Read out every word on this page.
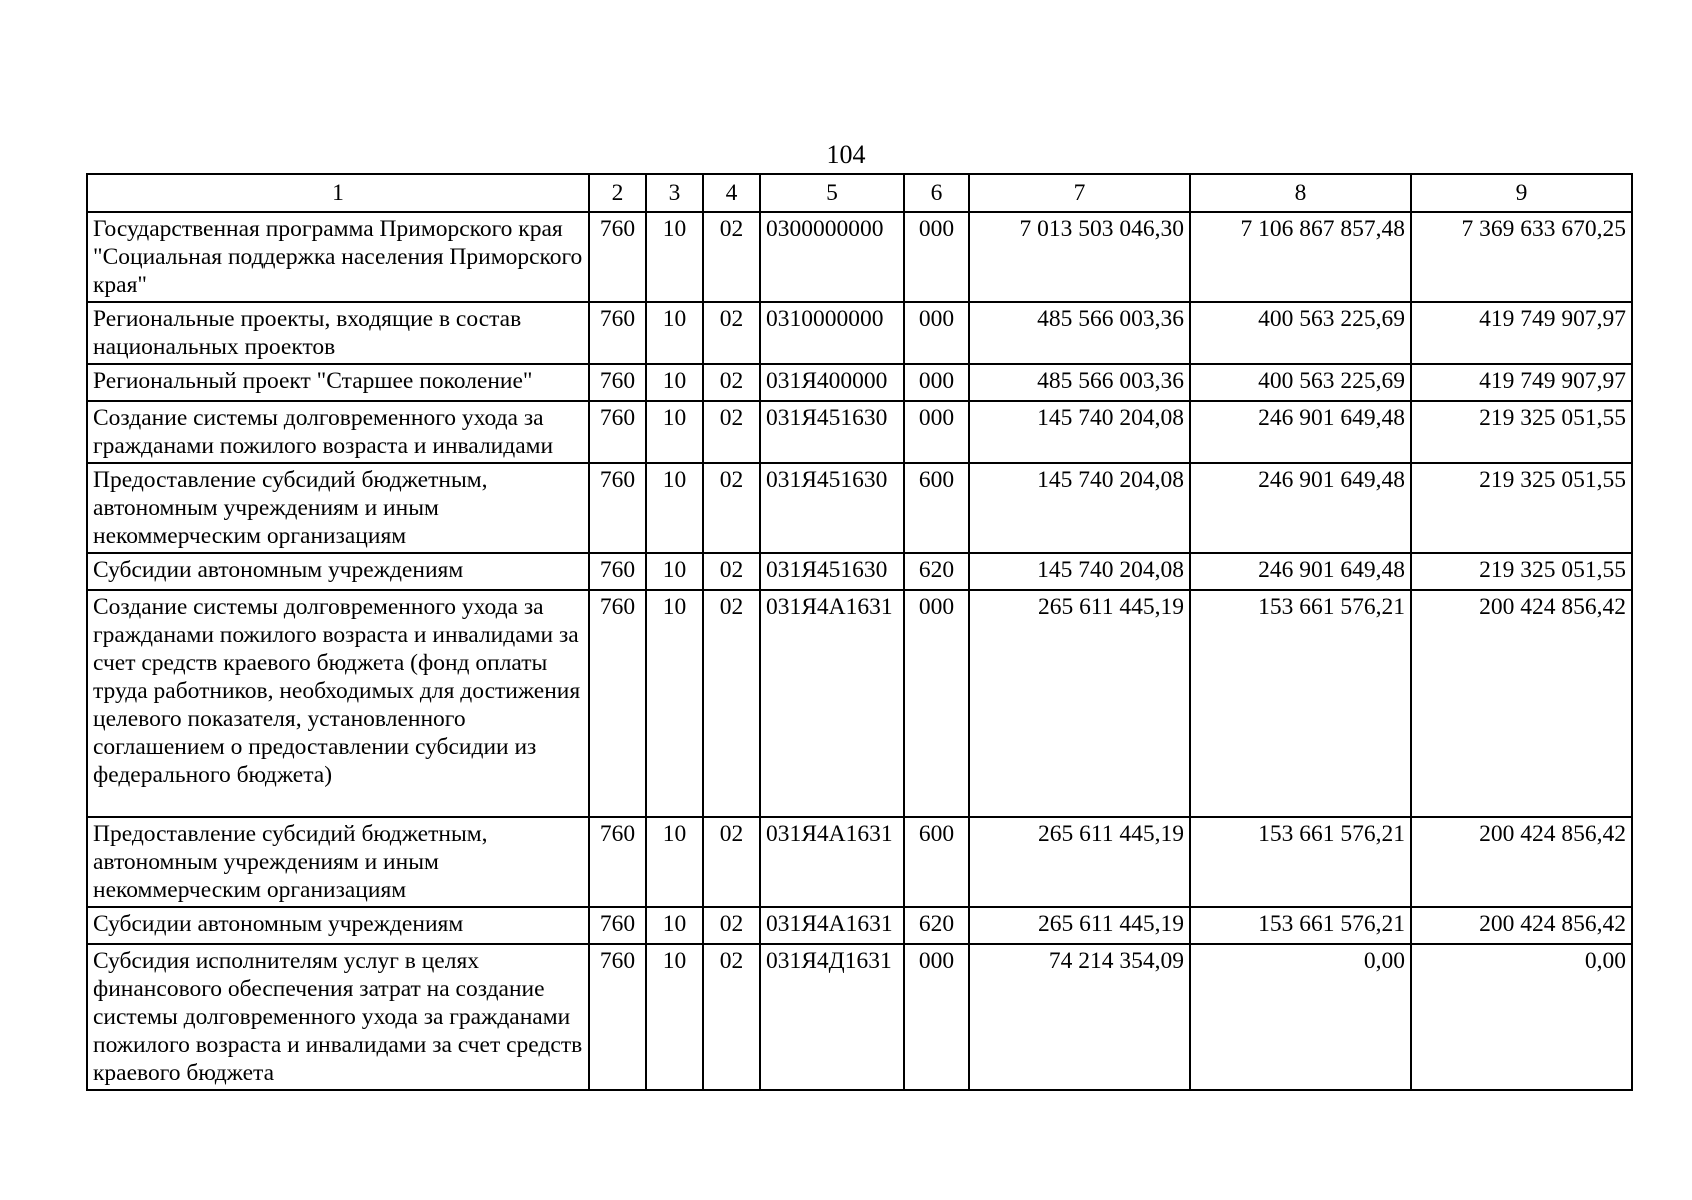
104
1	2	3	4	5	6	7	8	9
Государственная программа Приморского края "Социальная поддержка населения Приморского края"	760	10	02	0300000000	000	7 013 503 046,30	7 106 867 857,48	7 369 633 670,25
Региональные проекты, входящие в состав национальных проектов	760	10	02	0310000000	000	485 566 003,36	400 563 225,69	419 749 907,97
Региональный проект "Старшее поколение"	760	10	02	031Я400000	000	485 566 003,36	400 563 225,69	419 749 907,97
Создание системы долговременного ухода за гражданами пожилого возраста и инвалидами	760	10	02	031Я451630	000	145 740 204,08	246 901 649,48	219 325 051,55
Предоставление субсидий бюджетным, автономным учреждениям и иным некоммерческим организациям	760	10	02	031Я451630	600	145 740 204,08	246 901 649,48	219 325 051,55
Субсидии автономным учреждениям	760	10	02	031Я451630	620	145 740 204,08	246 901 649,48	219 325 051,55
Создание системы долговременного ухода за гражданами пожилого возраста и инвалидами за счет средств краевого бюджета (фонд оплаты труда работников, необходимых для достижения целевого показателя, установленного соглашением о предоставлении субсидии из федерального бюджета)	760	10	02	031Я4А1631	000	265 611 445,19	153 661 576,21	200 424 856,42
Предоставление субсидий бюджетным, автономным учреждениям и иным некоммерческим организациям	760	10	02	031Я4А1631	600	265 611 445,19	153 661 576,21	200 424 856,42
Субсидии автономным учреждениям	760	10	02	031Я4А1631	620	265 611 445,19	153 661 576,21	200 424 856,42
Субсидия исполнителям услуг в целях финансового обеспечения затрат на создание системы долговременного ухода за гражданами пожилого возраста и инвалидами за счет средств краевого бюджета	760	10	02	031Я4Д1631	000	74 214 354,09	0,00	0,00
